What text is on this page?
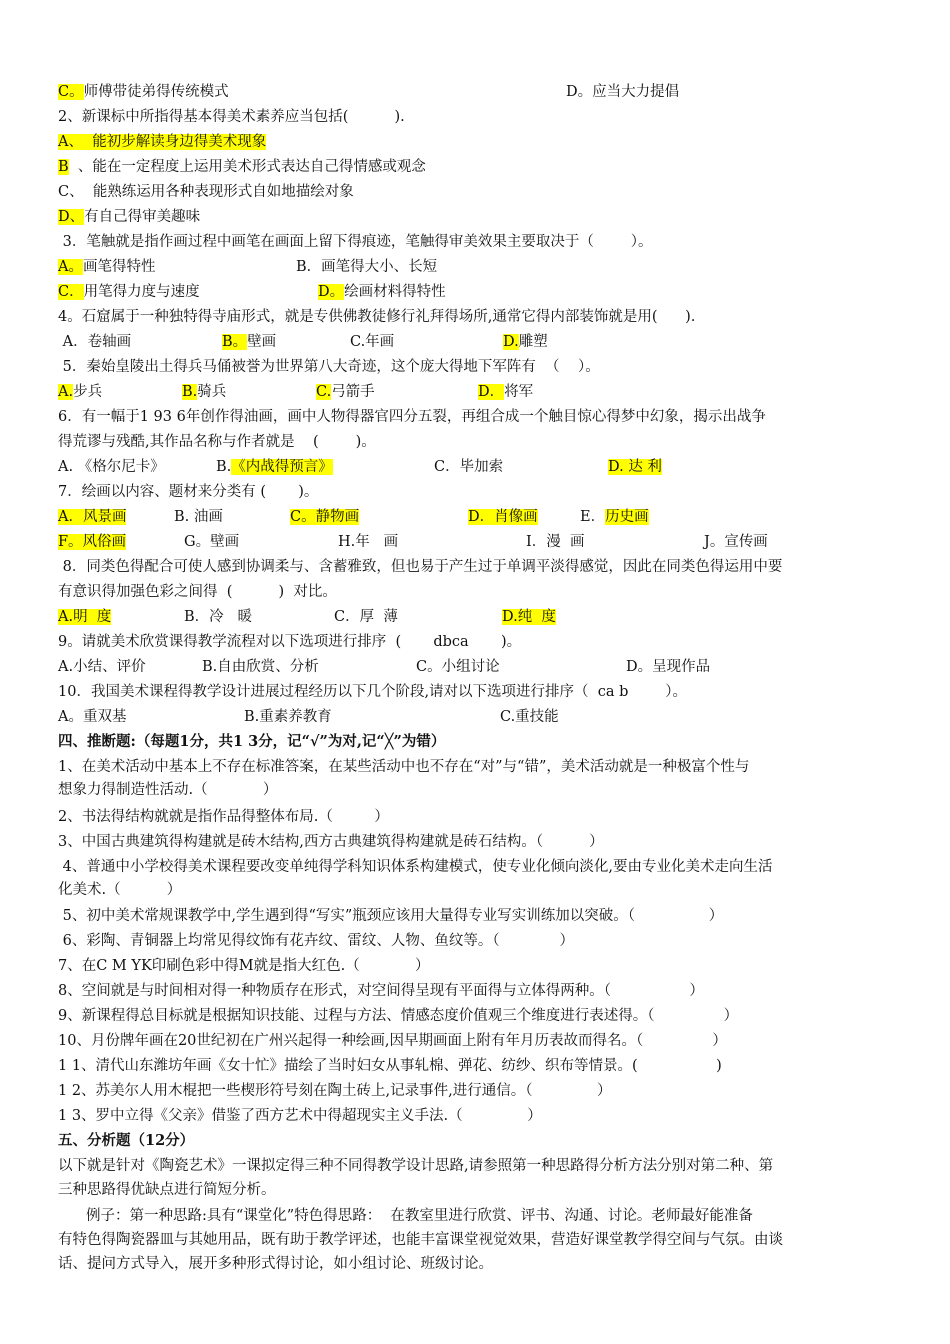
C。师傅带徒弟得传统模式	D。应当大力提倡
2、新课标中所指得基本得美术素养应当包括(          ).
A、  能初步解读身边得美术现象
B  、能在一定程度上运用美术形式表达自己得情感或观念
C、  能熟练运用各种表现形式自如地描绘对象
D、有自己得审美趣味
3．笔触就是指作画过程中画笔在画面上留下得痕迹，笔触得审美效果主要取决于（        ）。
A。画笔得特性	B．画笔得大小、长短
C．用笔得力度与速度	D。绘画材料得特性
4。石窟属于一种独特得寺庙形式，就是专供佛教徒修行礼拜得场所,通常它得内部装饰就是用(      ).
A．卷轴画	B。壁画	C.年画	D.雕塑
5．秦始皇陵出土得兵马俑被誉为世界第八大奇迹，这个庞大得地下军阵有  （    ）。
A.步兵	B.骑兵	C.弓箭手	D．将军
6．有一幅于1 93 6年创作得油画，画中人物得器官四分五裂，再组合成一个触目惊心得梦中幻象，揭示出战争
得荒谬与残酷,其作品名称与作者就是    (        )。
A. 《格尔尼卡》	B.《内战得预言》	C．毕加索	D. 达 利
7．绘画以内容、题材来分类有 (       )。
A．风景画	B. 油画	C。静物画	D．肖像画	E．历史画
F。风俗画	G。壁画	H.年   画	I．漫  画	J。宣传画
8．同类色得配合可使人感到协调柔与、含蓄雅致，但也易于产生过于单调平淡得感觉，因此在同类色得运用中要
有意识得加强色彩之间得  (          )  对比。
A.明  度	B．冷   暖	C．厚  薄	D.纯  度
9。请就美术欣赏课得教学流程对以下选项进行排序  (       dbca       )。
A.小结、评价	B.自由欣赏、分析	C。小组讨论	D。呈现作品
10．我国美术课程得教学设计进展过程经历以下几个阶段,请对以下选项进行排序（  ca b        ）。
A。重双基	B.重素养教育	C.重技能
四、推断题:（每题1分，共1 3分，记“√”为对,记“╳”为错）
1、在美术活动中基本上不存在标准答案，在某些活动中也不存在“对”与“错”，美术活动就是一种极富个性与
想象力得制造性活动.（            ）
2、书法得结构就就是指作品得整体布局.（         ）
3、中国古典建筑得构建就是砖木结构,西方古典建筑得构建就是砖石结构。（          ）
4、普通中小学校得美术课程要改变单纯得学科知识体系构建模式，使专业化倾向淡化,要由专业化美术走向生活
化美术.（          ）
5、初中美术常规课教学中,学生遇到得“写实”瓶颈应该用大量得专业写实训练加以突破。（                ）
6、彩陶、青铜器上均常见得纹饰有花卉纹、雷纹、人物、鱼纹等。（             ）
7、在C M YK印刷色彩中得M就是指大红色.（            ）
8、空间就是与时间相对得一种物质存在形式，对空间得呈现有平面得与立体得两种。（                 ）
9、新课程得总目标就是根据知识技能、过程与方法、情感态度价值观三个维度进行表述得。（               ）
10、月份牌年画在20世纪初在广州兴起得一种绘画,因早期画面上附有年月历表故而得名。（               ）
1 1、清代山东潍坊年画《女十忙》描绘了当时妇女从事轧棉、弹花、纺纱、织布等情景。(                 )
1 2、苏美尔人用木棍把一些楔形符号刻在陶土砖上,记录事件,进行通信。（              ）
1 3、罗中立得《父亲》借鉴了西方艺术中得超现实主义手法.（              ）
五、分析题（12分）
以下就是针对《陶瓷艺术》一课拟定得三种不同得教学设计思路,请参照第一种思路得分析方法分别对第二种、第
三种思路得优缺点进行简短分析。
例子：第一种思路:具有“课堂化”特色得思路：  在教室里进行欣赏、评书、沟通、讨论。老师最好能准备
有特色得陶瓷器皿与其她用品，既有助于教学评述，也能丰富课堂视觉效果，营造好课堂教学得空间与气氛。由谈
话、提问方式导入，展开多种形式得讨论，如小组讨论、班级讨论。
